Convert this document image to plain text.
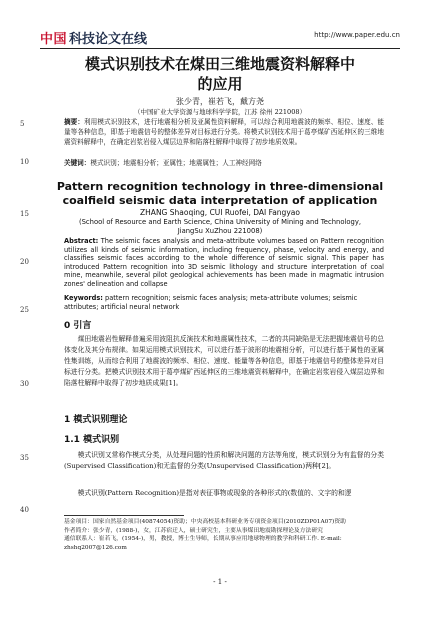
中国 科技论文在线	http://www.paper.edu.cn
5
10
15
20
25
30
35
40
模式识别技术在煤田三维地震资料解释中
的应用
张少青，崔若飞，戴方尧
（中国矿业大学资源与地球科学学院，江苏 徐州 221008）
摘要：利用模式识别技术，进行地震相分析及亚属性资料解释，可以综合利用地震波的频率、相位、速度、能量等各种信息，即基于地震信号的整体差异对目标进行分类。将模式识别技术用于葛亭煤矿西延伸区的三维地震资料解释中，在确定岩浆岩侵入煤层边界和陷落柱解释中取得了初步地质效果。
关键词：模式识别；地震相分析；亚属性；地震属性；人工神经网络
Pattern recognition technology in three-dimensional
coalfield seismic data interpretation of application
ZHANG Shaoqing, CUI Ruofei, DAI Fangyao
(School of Resource and Earth Science, China University of Mining and Technology,
JiangSu XuZhou 221008)
Abstract: The seismic faces analysis and meta-attribute volumes based on Pattern recognition utilizes all kinds of seismic information, including frequency, phase, velocity and energy, and classifies seismic faces according to the whole difference of seismic signal. This paper has introduced Pattern recognition into 3D seismic lithology and structure interpretation of coal mine, meanwhile, several pilot geological achievements has been made in magmatic intrusion zones' delineation and collapse
Keywords: pattern recognition; seismic faces analysis; meta-attribute volumes; seismic attributes; artificial neural network
0 引言
煤田地震岩性解释普遍采用波阻抗反演技术和地震属性技术，二者的共同缺陷是无法把握地震信号的总体变化及其分布规律。如果运用模式识别技术，可以进行基于波形的地震相分析，可以进行基于属性的亚属性集训练，从而综合利用了地震波的频率、相位、速度、能量等各种信息，即基于地震信号的整体差异对目标进行分类。把模式识别技术用于葛亭煤矿西延伸区的三维地震资料解释中，在确定岩浆岩侵入煤层边界和陷落柱解释中取得了初步地质成果[1]。
1 模式识别理论
1.1 模式识别
模式识别又常称作模式分类，从处理问题的性质和解决问题的方法等角度，模式识别分为有监督的分类(Supervised Classification)和无监督的分类(Unsupervised Classification)两种[2]。
模式识别(Pattern Recognition)是指对表征事物或现象的各种形式的(数值的、文字的和逻
基金项目：国家自然基金项目(40874054)资助；中央高校基本科研业务专项资金项目(2010ZDP01A07)资助
作者简介：张少青，(1988-)，女，江苏宿迁人，硕士研究生，主要从事煤田地震勘探理论及方法研究
通信联系人：崔若飞，(1954-)，男，教授，博士生导师，长期从事应用地球物理的教学和科研工作. E-mail: zhshq2007@126.com
- 1 -
